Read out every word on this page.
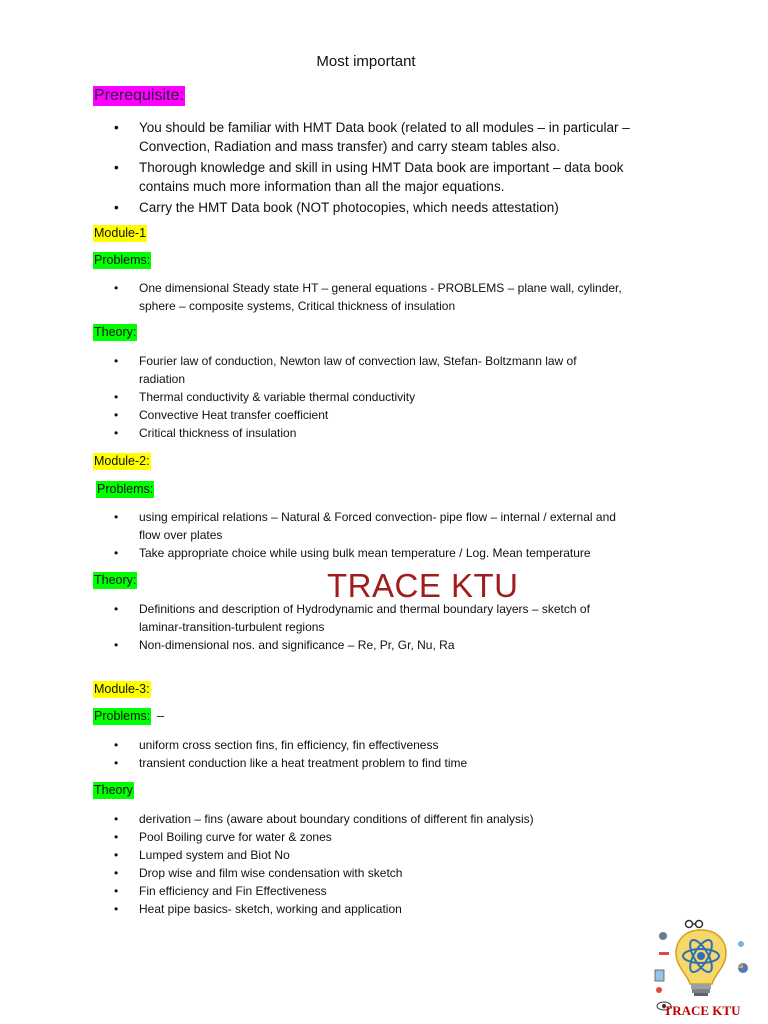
Most important
Prerequisite:
• You should be familiar with HMT Data book (related to all modules – in particular –
Convection, Radiation and mass transfer) and carry steam tables also.
• Thorough knowledge and skill in using HMT Data book are important – data book
contains much more information than all the major equations.
• Carry the HMT Data book (NOT photocopies, which needs attestation)
Module-1
Problems:
• One dimensional Steady state HT – general equations - PROBLEMS – plane wall, cylinder,
sphere – composite systems, Critical thickness of insulation
Theory:
• Fourier law of conduction, Newton law of convection law, Stefan- Boltzmann law of
radiation
• Thermal conductivity & variable thermal conductivity
• Convective Heat transfer coefficient
• Critical thickness of insulation
Module-2:
Problems:
• using empirical relations – Natural & Forced convection- pipe flow – internal / external and
flow over plates
• Take appropriate choice while using bulk mean temperature / Log. Mean temperature
Theory:
• Definitions and description of Hydrodynamic and thermal boundary layers – sketch of
laminar-transition-turbulent regions
• Non-dimensional nos. and significance – Re, Pr, Gr, Nu, Ra
TRACE KTU
Module-3:
Problems: –
• uniform cross section fins, fin efficiency, fin effectiveness
• transient conduction like a heat treatment problem to find time
Theory
• derivation – fins (aware about boundary conditions of different fin analysis)
• Pool Boiling curve for water & zones
• Lumped system and Biot No
• Drop wise and film wise condensation with sketch
• Fin efficiency and Fin Effectiveness
• Heat pipe basics- sketch, working and application
TRACE KTU
